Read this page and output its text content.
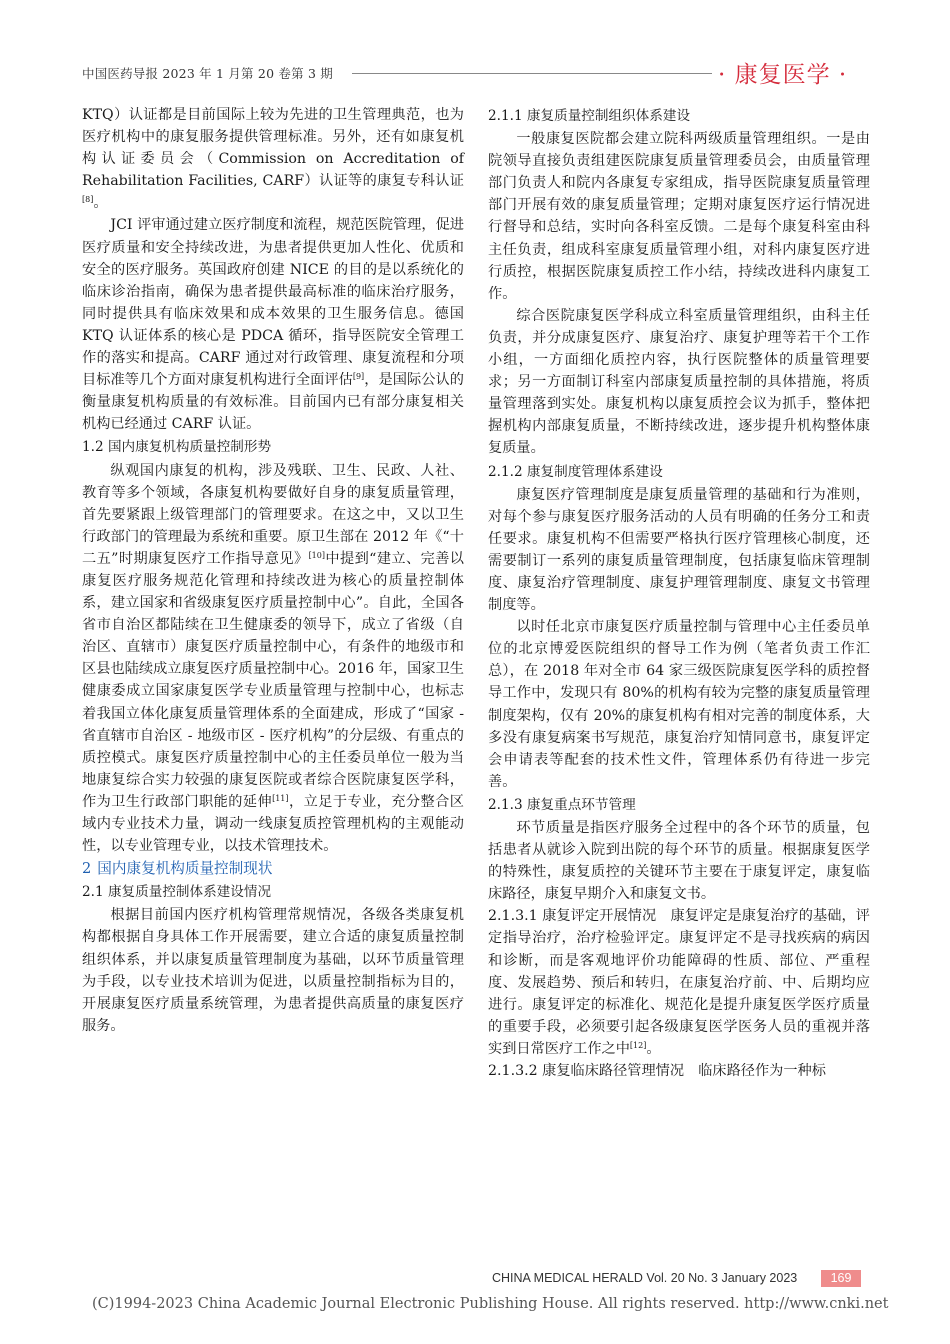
中国医药导报 2023 年 1 月第 20 卷第 3 期	· 康复医学 ·

KTQ）认证都是目前国际上较为先进的卫生管理典范，也为医疗机构中的康复服务提供管理标准。另外，还有如康复机构认证委员会（Commission on Accreditation of Rehabilitation Facilities, CARF）认证等的康复专科认证[8]。

JCI 评审通过建立医疗制度和流程，规范医院管理，促进医疗质量和安全持续改进，为患者提供更加人性化、优质和安全的医疗服务。英国政府创建 NICE 的目的是以系统化的临床诊治指南，确保为患者提供最高标准的临床治疗服务，同时提供具有临床效果和成本效果的卫生服务信息。德国 KTQ 认证体系的核心是 PDCA 循环，指导医院安全管理工作的落实和提高。CARF 通过对行政管理、康复流程和分项目标准等几个方面对康复机构进行全面评估[9]，是国际公认的衡量康复机构质量的有效标准。目前国内已有部分康复相关机构已经通过 CARF 认证。

1.2 国内康复机构质量控制形势

纵观国内康复的机构，涉及残联、卫生、民政、人社、教育等多个领域，各康复机构要做好自身的康复质量管理，首先要紧跟上级管理部门的管理要求。在这之中，又以卫生行政部门的管理最为系统和重要。原卫生部在 2012 年《“十二五”时期康复医疗工作指导意见》[10]中提到“建立、完善以康复医疗服务规范化管理和持续改进为核心的质量控制体系，建立国家和省级康复医疗质量控制中心”。自此，全国各省市自治区都陆续在卫生健康委的领导下，成立了省级（自治区、直辖市）康复医疗质量控制中心，有条件的地级市和区县也陆续成立康复医疗质量控制中心。2016 年，国家卫生健康委成立国家康复医学专业质量管理与控制中心，也标志着我国立体化康复质量管理体系的全面建成，形成了“国家 - 省直辖市自治区 - 地级市区 - 医疗机构”的分层级、有重点的质控模式。康复医疗质量控制中心的主任委员单位一般为当地康复综合实力较强的康复医院或者综合医院康复医学科，作为卫生行政部门职能的延伸[11]，立足于专业，充分整合区域内专业技术力量，调动一线康复质控管理机构的主观能动性，以专业管理专业，以技术管理技术。

2 国内康复机构质量控制现状
2.1 康复质量控制体系建设情况

根据目前国内医疗机构管理常规情况，各级各类康复机构都根据自身具体工作开展需要，建立合适的康复质量控制组织体系，并以康复质量管理制度为基础，以环节质量管理为手段，以专业技术培训为促进，以质量控制指标为目的，开展康复医疗质量系统管理，为患者提供高质量的康复医疗服务。

2.1.1 康复质量控制组织体系建设

一般康复医院都会建立院科两级质量管理组织。一是由院领导直接负责组建医院康复质量管理委员会，由质量管理部门负责人和院内各康复专家组成，指导医院康复质量管理部门开展有效的康复质量管理；定期对康复医疗运行情况进行督导和总结，实时向各科室反馈。二是每个康复科室由科主任负责，组成科室康复质量管理小组，对科内康复医疗进行质控，根据医院康复质控工作小结，持续改进科内康复工作。

综合医院康复医学科成立科室质量管理组织，由科主任负责，并分成康复医疗、康复治疗、康复护理等若干个工作小组，一方面细化质控内容，执行医院整体的质量管理要求；另一方面制订科室内部康复质量控制的具体措施，将质量管理落到实处。康复机构以康复质控会议为抓手，整体把握机构内部康复质量，不断持续改进，逐步提升机构整体康复质量。

2.1.2 康复制度管理体系建设

康复医疗管理制度是康复质量管理的基础和行为准则，对每个参与康复医疗服务活动的人员有明确的任务分工和责任要求。康复机构不但需要严格执行医疗管理核心制度，还需要制订一系列的康复质量管理制度，包括康复临床管理制度、康复治疗管理制度、康复护理管理制度、康复文书管理制度等。

以时任北京市康复医疗质量控制与管理中心主任委员单位的北京博爱医院组织的督导工作为例（笔者负责工作汇总），在 2018 年对全市 64 家三级医院康复医学科的质控督导工作中，发现只有 80%的机构有较为完整的康复质量管理制度架构，仅有 20%的康复机构有相对完善的制度体系，大多没有康复病案书写规范，康复治疗知情同意书，康复评定会申请表等配套的技术性文件，管理体系仍有待进一步完善。

2.1.3 康复重点环节管理

环节质量是指医疗服务全过程中的各个环节的质量，包括患者从就诊入院到出院的每个环节的质量。根据康复医学的特殊性，康复质控的关键环节主要在于康复评定，康复临床路径，康复早期介入和康复文书。

2.1.3.1 康复评定开展情况　 康复评定是康复治疗的基础，评定指导治疗，治疗检验评定。康复评定不是寻找疾病的病因和诊断，而是客观地评价功能障碍的性质、部位、严重程度、发展趋势、预后和转归，在康复治疗前、中、后期均应进行。康复评定的标准化、规范化是提升康复医学医疗质量的重要手段，必须要引起各级康复医学医务人员的重视并落实到日常医疗工作之中[12]。

2.1.3.2 康复临床路径管理情况　 临床路径作为一种标

CHINA MEDICAL HERALD Vol. 20 No. 3 January 2023	169
(C)1994-2023 China Academic Journal Electronic Publishing House. All rights reserved. http://www.cnki.net
